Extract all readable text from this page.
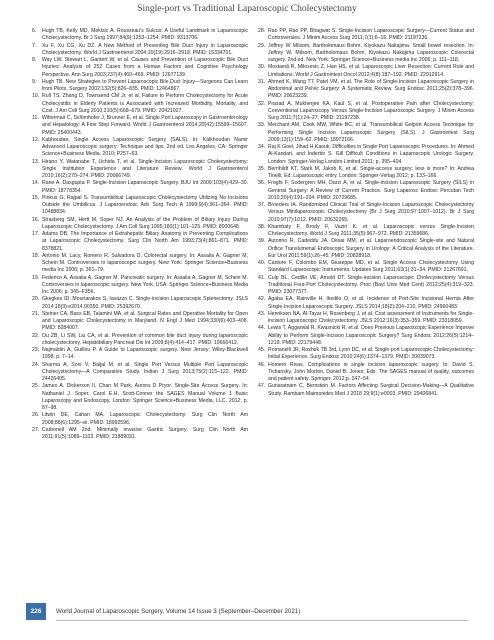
Single-port vs Traditional Laparoscopic Cholecystectomy
6.	Hugh TB, Kelly MD, Mekisic A. Rousseau's Sulcus: A Useful Landmark in Laparoscopic Cholecystectomy. Br J Surg 1997;84(9):1253–1254. PMID: 9313706.
7.	Xu F, Xu CG, Xu DZ. A New Method of Preventing Bile Duct Injury in Laparoscopic Cholecystectomy. World J Gastroenterol 2004;10(19):2916–2918. PMID: 15334701.
8.	Way LW, Stewart L, Gantert W, et al. Causes and Prevention of Laparoscopic Bile Duct Injuries: Analysis of 252 Cases from a Human Factors and Cognitive Psychology Perspective. Ann Surg 2003;237(4):460–469. PMID: 12677139.
9.	Hugh TB. New Strategies to Prevent Laparoscopic Bile Duct Injury—Surgeons Can Learn from Pilots. Surgery 2002;132(5):826–835. PMID: 12464867.
10. Rull TS, Zhang D, Townsend CM Jr, et al. Failure to Perform Cholecystectomy for Acute Cholecystitis in Elderly Patients is Associated with Increased Morbidity, Mortality, and Cost. J Am Coll Surg 2010;210(5):668–679. PMID: 20421027.
11. Wittermair C, Schirnhofer J, Brunner E, et al. Single Port Laparoscopy in Gastroenterology and Hepatology: A Fine Step Forward. World J Gastroenterol 2014;20(42):15599–15607. PMID: 25400443.
12. Kabhoudan, Single Access Laparoscopic Surgery (SALS). In: Kalkhoudan Namir Advanced Laparoscopic surgery: Technique and tips. 2nd ed. Los Angeles, CA: Springer Science+Business Media. 2010; P257–63.
13. Hirano Y, Watanabe T, Uchida T, et al. Single-Incision Laparoscopic Cholecystectomy: Single Institution Experience and Literature Review. World J Gastroenterol 2010;16(2):270–274. PMID: 20066749.
14. Rane A, Dasgupta P. Single-Incision Laparoscopic Surgery. BJU Int 2009;103(4):429–30. PMID: 18778354.
15. Pinkus G, Rajpal S. Transumbilical Laparoscopic Cholecystectomy Utilizing No Incisions Outside the Umbilicus. J Laparoendosc Adv Surg Tech A 1999;9(4):361–364. PMID: 10488834.
16. Strasberg SM, Hertl M, Soper NJ. An Analysis of the Problem of Biliary Injury During Laparoscopic Cholecystectomy. J Am Coll Surg 1995;180(1):101–125. PMID: 8000648.
17. Adams DB. The Importance of Extrahepatic Biliary Anatomy in Preventing Complications at Laparoscopic Cholecystectomy. Surg Clin North Am 1993;73(4):861–871. PMID: 8378821.
18. Antonio M. Lacy, Romero R, Salvadora D. Colorectal surgery. In: Assalia A, Gagner M, Schein M. Controversies in laparoscopic surgery. New York: Springer Science+Business media Inc 2006; p. 361–79.
19. Federico A, Assalia A, Gagner M. Pancreatic surgery. In: Assalia A, Gagner M, Schein M. Controversies in laparoscopic surgery. New York, USA: Springer Science+Business Media Inc 2006; p. 345–F356.
20. Gkegkes ID, Mourtarakos S, Iavazzo C. Single-incision Laparoscopic Splenectomy. JSLS 2014;18(3):e2014.00350. PMID: 25392670.
21. Steiner CA, Bass EB, Talamini MA, et al. Surgical Rates and Operative Mortality for Open and Laparoscopic Cholecystectomy in Maryland. N Engl J Med 1994;330(6):403–408. PMID: 8284007.
22. Ou ZB, Li SW, Liu CA, et al. Prevention of common bile duct injury during laparoscopic cholecystectomy. Hepatobiliary Pancreat Dis Int 2009;8(4):414–417. PMID: 19666412.
23. Najmaldin A, Guillou P. A Guide to Laparoscopic surgery. New Jersey: Wiley-Blackwell 1998; p. 7–14.
24. Sharma A, Soni V, Baijal M, et al. Single Port Versus Multiple Port Laparoscopic Cholecystectomy—A Comparative Study. Indian J Surg 2013;75(2):115–122. PMID: 24426405.
25. James A. Dickerson II, Chan M Park, Aurora D Pryor. Single-Site Access Surgery. In: Nathaniel J. Soper, Carol E.H. Scott-Conner the SAGES Manual Volume 1 Basic Laparoscopy and Endoscopy. London: Springer Science+Business Media, LLC. 2012; p. 87–98.
26. Litwin DE, Cahan MA. Laparoscopic Cholecystectomy. Surg Clin North Am 2008;88(6):1295–vii. PMID: 18992596.
27. Carbonell AM 2nd. Minimally invasive Gastric Surgery. Surg Clin North Am 2011;91(5):1089–1103. PMID: 21889031.
28. Rao PP, Rao PP, Bhagwat S. Single-Incision Laparoscopic Surgery—Current Status and Controversies. J Minim Access Surg 2011;7(1):6–16. PMID: 21197236.
29. Jeffrey W Milsom, Bartholomaus Bohm, Kiyokazu Nakajima. Small bowel resection. In: Jeffrey W. Milsom, Bartholomaus Bohm, Kiyokazu Nakajima Laparoscopic Colorectal surgery. 2nd ed. New York: Springer Science+Business media Inc 2006; p. 111–118.
30. Mostaedi R, Milosevic Z, Han HS, et al. Laparoscopic Liver Resection: Current Role and Limitations. World J Gastrointest Oncol 2012;4(8):187–192. PMID: 22912914.
31. Ahmed K, Wang TT, Patel VM, et al. The Role of Single-Incision Laparoscopic Surgery in Abdominal and Pelvic Surgery: A Systematic Review. Surg Endosc 2011;25(2):378–396. PMID: 20623239.
32. Prasad A, Mukherjee KA, Kaul S, et al. Postoperative Pain after Cholecystectomy: Conventional Laparoscopy Versus Single-Incision Laparoscopic Surgery. J Minim Access Surg 2011;7(1):24–27. PMID: 21197238.
33. Merchant AM, Cook MW, White BC, et al. Transumbilical Gelport Access Technique for Performing Single Incision Laparoscopic Surgery (SILS). J Gastrointest Surg 2009;13(1):159–62. PMID: 18972166.
34. Raj K Goel, Jihad H Kaouk. Difficulties in Single Port Laparoscopic Procedures. In: Ahmed Al-Kandari, and Inderbir S. Gill Difficult Conditions in Laparoscopic Urologic Surgery. London: Springer-Verlag London Limited 2011; p. 395–404.
35. Bernhildt KT, Stark M, Jakob K, et al. Single-access surgery: less is more? In: Andrea Tinelli, Ed. Laparoscopic entry. London: Springer-Verlag 2012; p. 133–166.
36. Froghi F, Sodergren MH, Darzi A, et al. Single-incision Laparoscopic Surgery (SILS) in General Surgery: A Review of Current Practice. Surg Laparosc Endosc Percutan Tech 2010;20(4):191–204. PMID: 20729685.
37. Broeders IA. Randomized Clinical Trial of Single-Incision Laparoscopic Cholecystectomy Versus Minilaparoscopic Cholecystectomy (Br J Surg 2010;97:1007–1012). Br J Surg 2010;97(7):1012. PMID: 20632265.
38. Khambaty F, Brody F, Vaziri K, et al. Laparoscopic versus Single-Incision Cholecystectomy. World J Surg 2011;35(5):967–972. PMID: 21359686.
39. Autorino R, Cadeddu JA, Desai MM, et al. Laparoendoscopic Single-site and Natural Orifice Translumenal Endoscopic Surgery in Urology: A Critical Analysis of the Literature. Eur Urol 2011;59(1):26–45. PMID: 20828918.
40. Cantore F, Colombo EM, Giuseppe MD, et al. Single Access Cholecystectomy Using Standard Laparoscopic Instruments. Updates Surg 2011;63(1):31–34. PMID: 21267691.
41. Culp BL, Cedillo VE, Arnold DT. Single-incision Laparoscopic Cholecystectomy Versus Traditional Four-Port Cholecystectomy. Proc (Bayl Univ Med Cent) 2012;25(4):319–323. PMID: 23077377.
42. Agaba EA, Rainville H, Ikedilo O, et al. Incidence of Port-Site Incisional Hernia After Single-Incision Laparoscopic Surgery. JSLS 2014;18(2):204–210. PMID: 24960483.
43. Henriksen NA, Al-Tayar H, Rosenberg J, et al. Cost assessment of Instruments for Single-incision Laparoscopic Cholecystectomy. JSLS 2012;16(3):353–359. PMID: 23318059.
44. Lewis T, Aggarwal R, Kwasnicki R, et al. Does Previous Laparoscopic Experience Improve Ability to Perform Single-Incision Laparoscopic Surgery? Surg Endosc 2012;26(5):1214–1219. PMID: 22179448.
45. Romanelli JR, Roshek TB 3rd, Lynn DC, et al. Single-port Laparoscopic Cholecystectomy: Initial Experience. Surg Endosc 2010;24(6):1374–1379. PMID: 20039073.
46. Homero Rivas. Complications in single incision laparoscopic surgery. In: David S. Tichansky, John Morton, Daniel B. Jones, Eds. The SAGES manual of quality, outcomes and patient safety. Springer. 2012;p. 347–54.
47. Gunaratnam C, Bernstein M. Factors Affecting Surgical Decision-Making—A Qualitative Study. Rambam Maimonides Med J 2018 29;9(1):e0003. PMID: 29406841.
226	World Journal of Laparoscopic Surgery, Volume 14 Issue 3 (September–December 2021)
